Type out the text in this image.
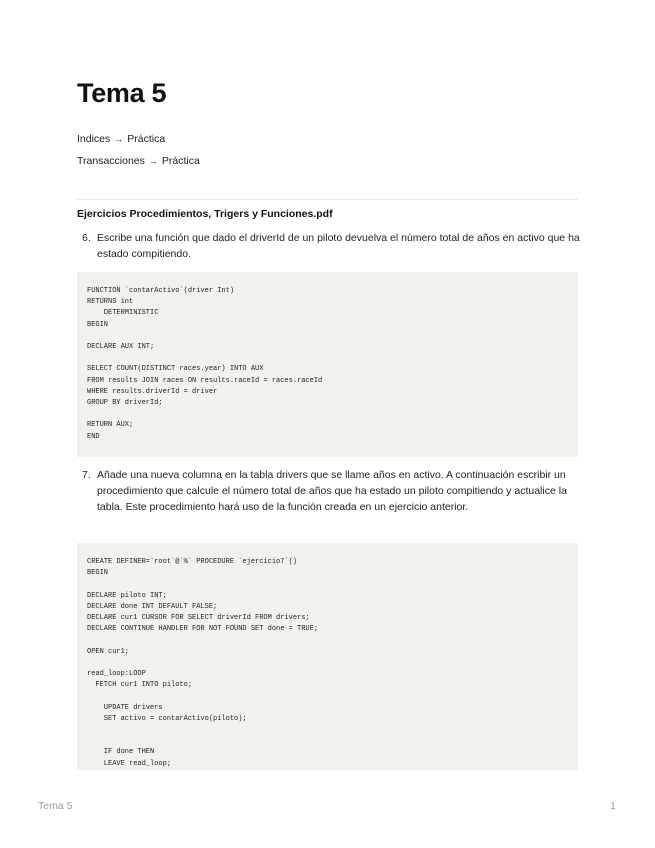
Tema 5
Indices → Práctica
Transacciones → Práctica
Ejercicios Procedimientos, Trigers y Funciones.pdf
6. Escribe una función que dado el driverId de un piloto devuelva el número total de años en activo que ha estado compitiendo.
FUNCTION `contarActivo`(driver Int)
RETURNS int
DETERMINISTIC
BEGIN

DECLARE AUX INT;

SELECT COUNT(DISTINCT races.year) INTO AUX
FROM results JOIN races ON results.raceId = races.raceId
WHERE results.driverId = driver
GROUP BY driverId;

RETURN AUX;
END
7. Añade una nueva columna en la tabla drivers que se llame años en activo. A continuación escribir un procedimiento que calcule el número total de años que ha estado un piloto compitiendo y actualice la tabla. Este procedimiento hará uso de la función creada en un ejercicio anterior.
CREATE DEFINER=`root`@`%` PROCEDURE `ejercicio7`()
BEGIN

DECLARE piloto INT;
DECLARE done INT DEFAULT FALSE;
DECLARE cur1 CURSOR FOR SELECT driverId FROM drivers;
DECLARE CONTINUE HANDLER FOR NOT FOUND SET done = TRUE;

OPEN cur1;

read_loop:LOOP
FETCH cur1 INTO piloto;

UPDATE drivers
SET activo = contarActivo(piloto);

IF done THEN
LEAVE read_loop;
Tema 5	1
